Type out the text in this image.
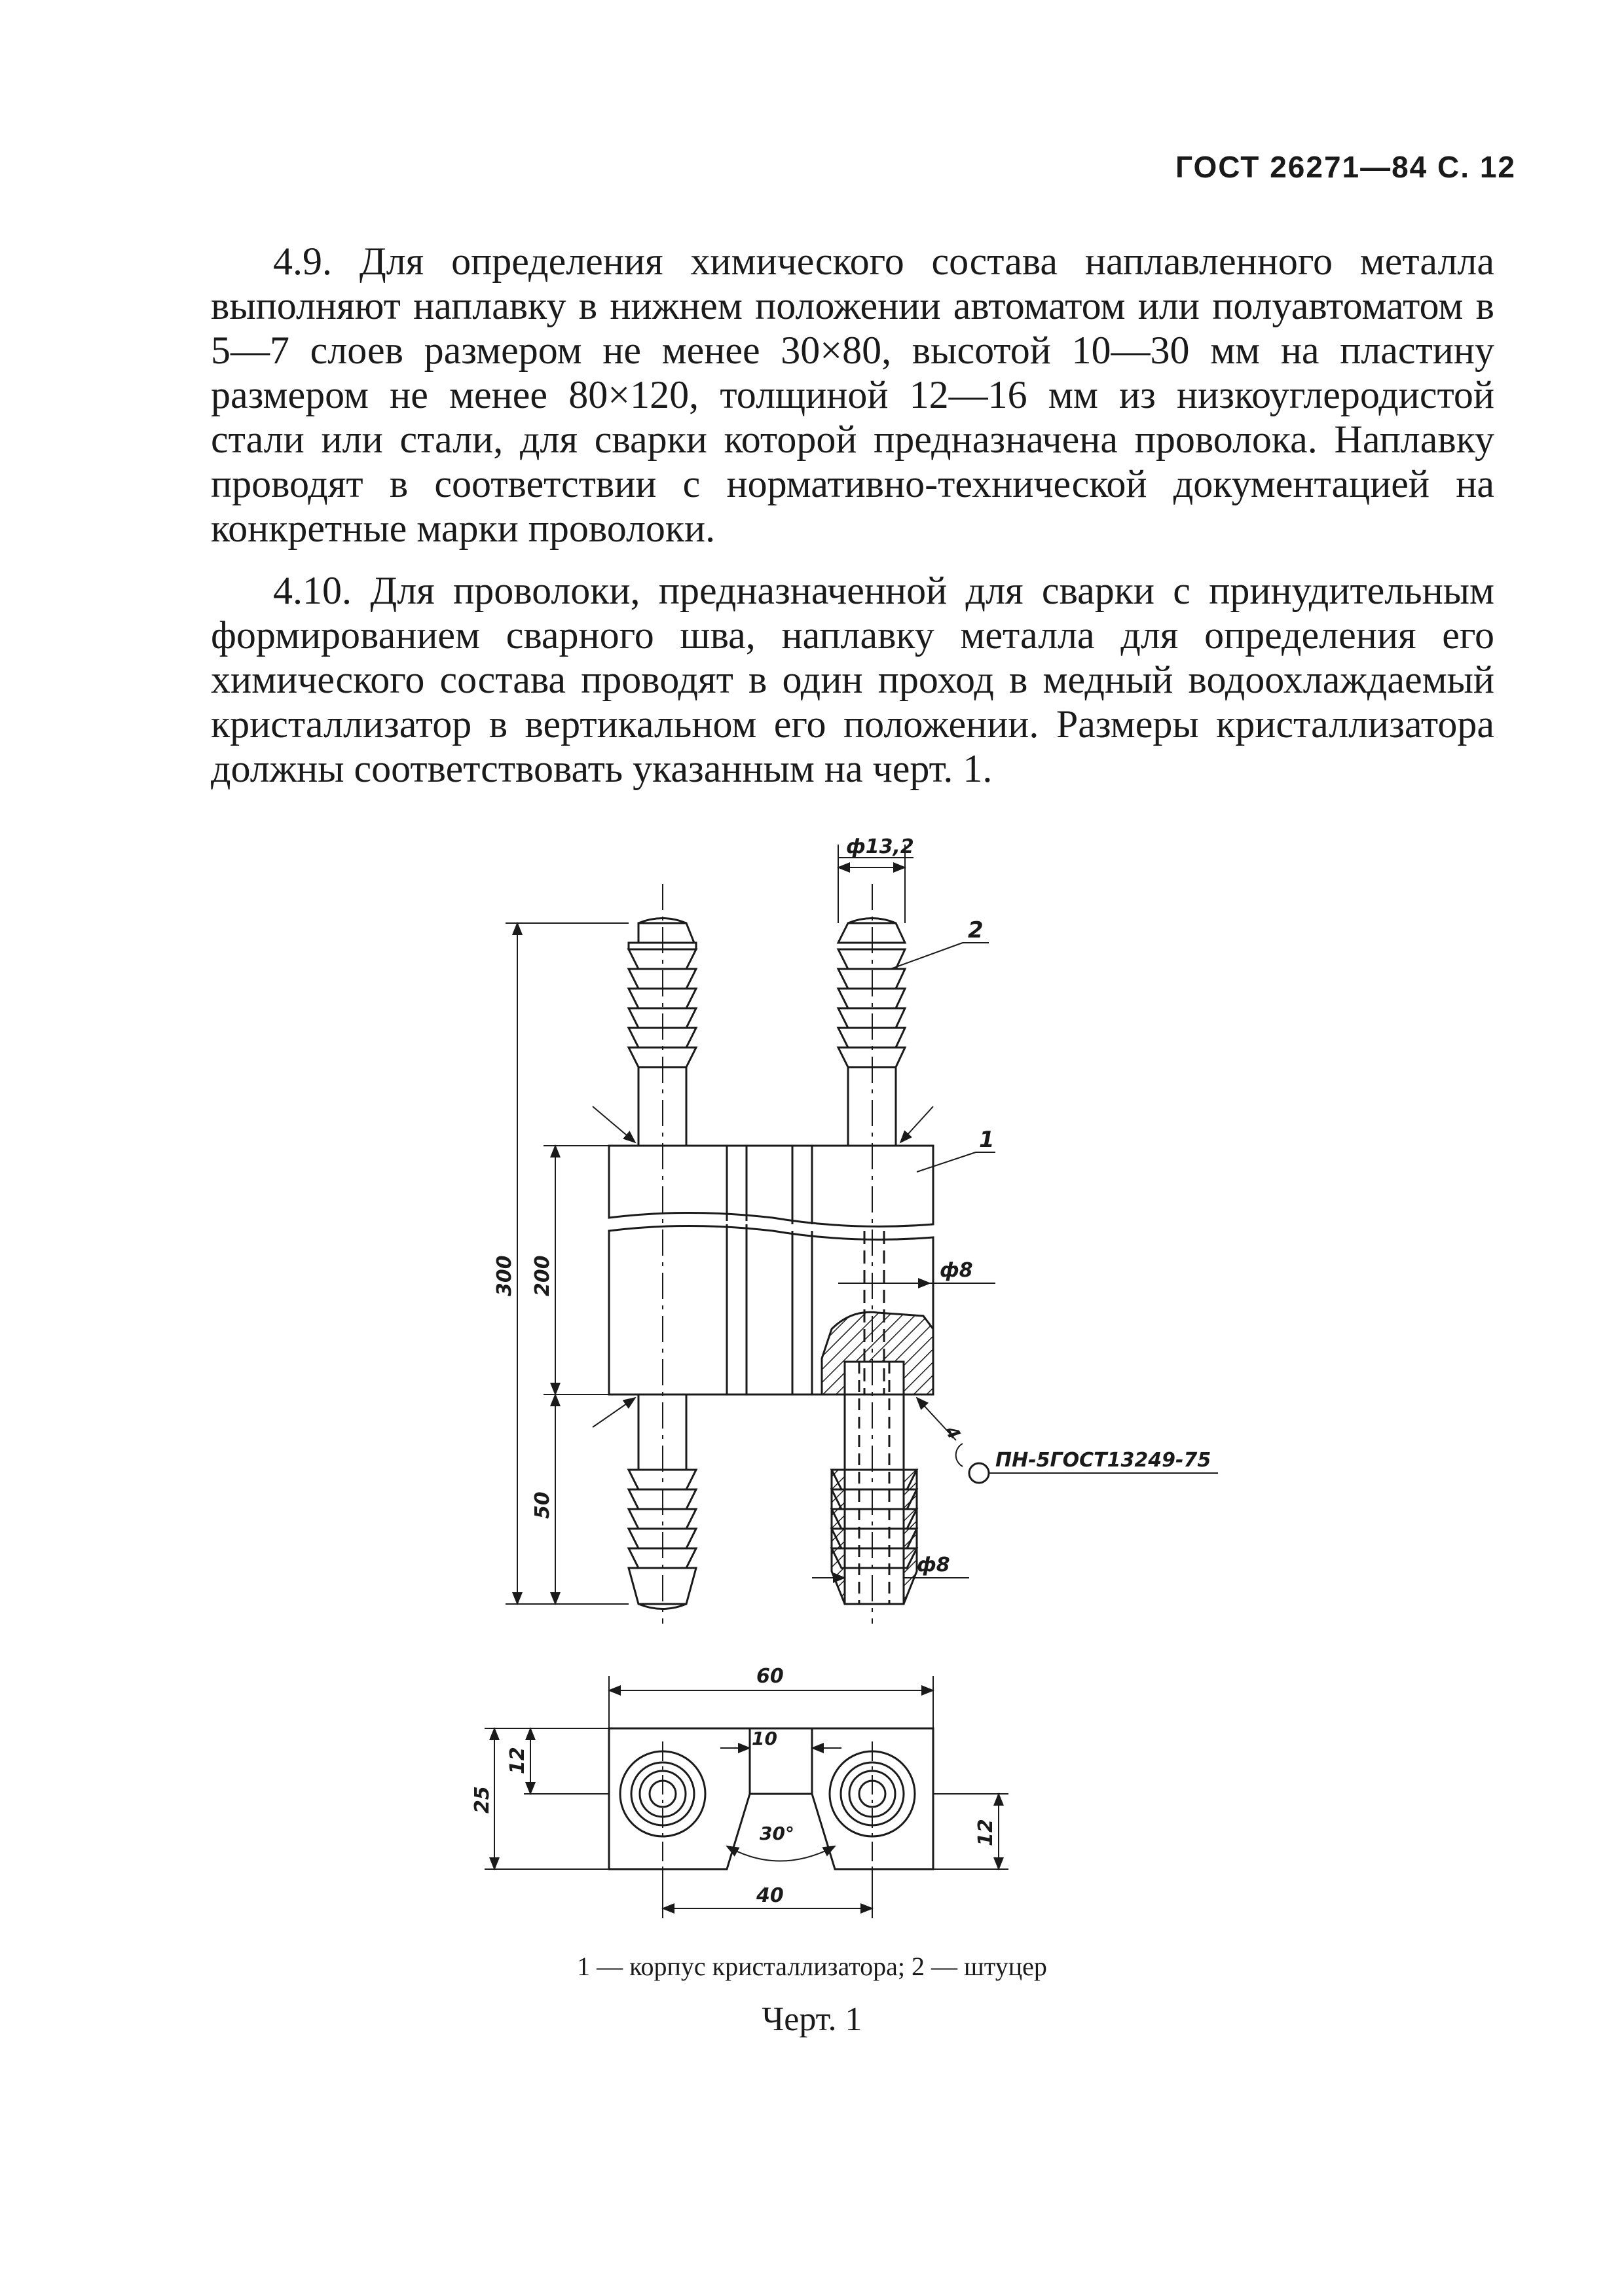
ГОСТ 26271—84 С. 12

4.9. Для определения химического состава наплавленного металла выполняют наплавку в нижнем положении автоматом или полуавтоматом в 5—7 слоев размером не менее 30×80, высотой 10—30 мм на пластину размером не менее 80×120, толщиной 12—16 мм из низкоуглеродистой стали или стали, для сварки которой предназначена проволока. Наплавку проводят в соответствии с нормативно-технической документацией на конкретные марки проволоки.

4.10. Для проволоки, предназначенной для сварки с принудительным формированием сварного шва, наплавку металла для определения его химического состава проводят в один проход в медный водоохлаждаемый кристаллизатор в вертикальном его положении. Размеры кристаллизатора должны соответствовать указанным на черт. 1.

ф13,2
ф8
ф8
300 200
50
60
25
12
10
30°	12
40
4
2
1
ПН-5ГОСТ13249-75
1 — корпус кристаллизатора; 2 — штуцер
Черт. 1
